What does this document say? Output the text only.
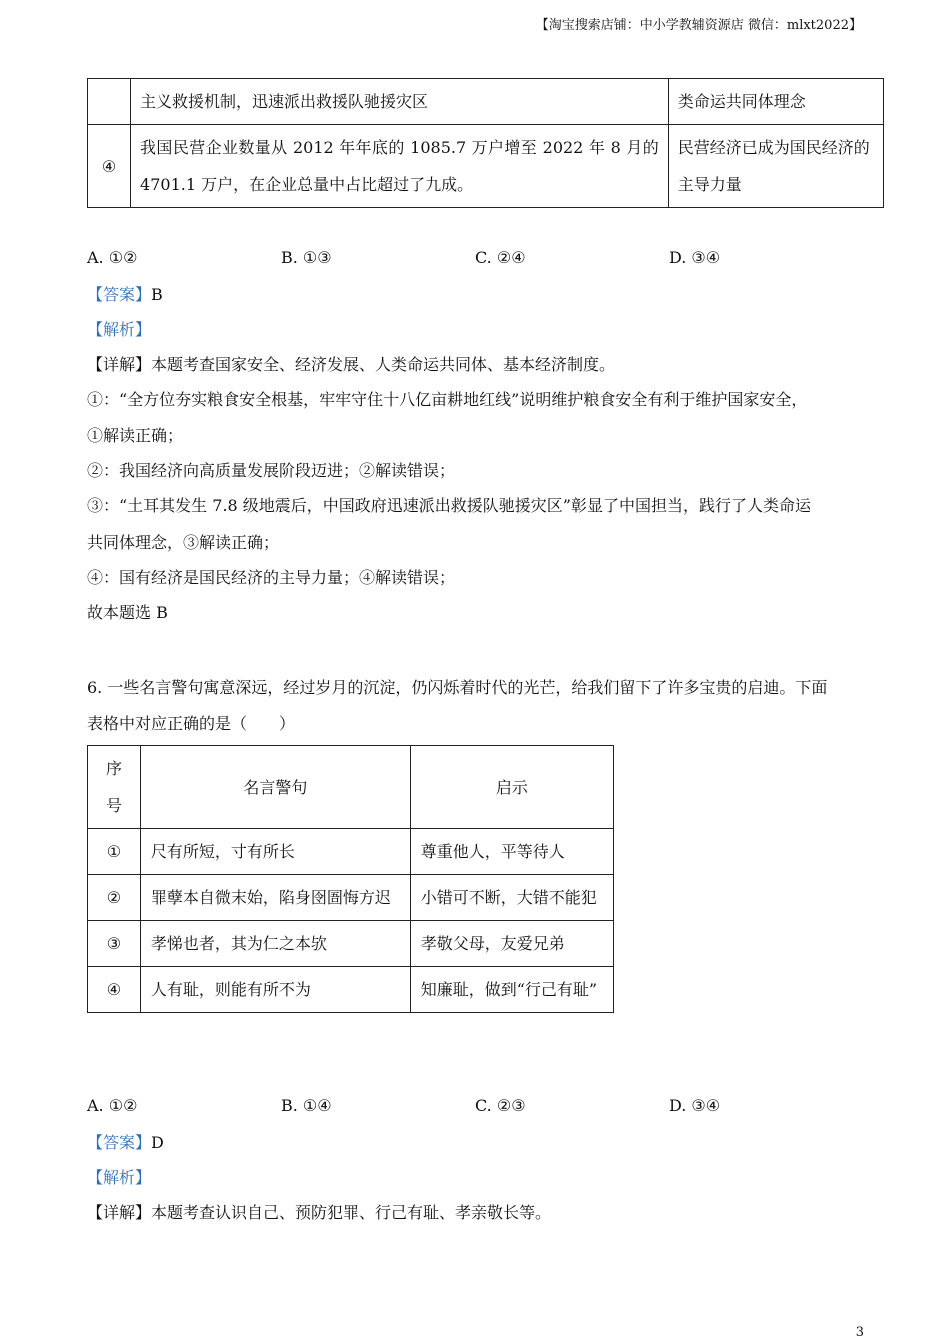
【淘宝搜索店铺：中小学教辅资源店 微信：mlxt2022】
	主义救援机制，迅速派出救援队驰援灾区	类命运共同体理念
④	我国民营企业数量从 2012 年年底的 1085.7 万户增至 2022 年 8 月的 4701.1 万户，在企业总量中占比超过了九成。	民营经济已成为国民经济的主导力量
A. ①②	B. ①③	C. ②④	D. ③④
【答案】B
【解析】
【详解】本题考查国家安全、经济发展、人类命运共同体、基本经济制度。
①：“全方位夯实粮食安全根基，牢牢守住十八亿亩耕地红线”说明维护粮食安全有利于维护国家安全，
①解读正确；
②：我国经济向高质量发展阶段迈进；②解读错误；
③：“土耳其发生 7.8 级地震后，中国政府迅速派出救援队驰援灾区”彰显了中国担当，践行了人类命运
共同体理念，③解读正确；
④：国有经济是国民经济的主导力量；④解读错误；
故本题选 B
6. 一些名言警句寓意深远，经过岁月的沉淀，仍闪烁着时代的光芒，给我们留下了许多宝贵的启迪。下面
表格中对应正确的是（　　）
序号	名言警句	启示
①	尺有所短，寸有所长	尊重他人，平等待人
②	罪孽本自微末始，陷身囹圄悔方迟	小错可不断，大错不能犯
③	孝悌也者，其为仁之本欤	孝敬父母，友爱兄弟
④	人有耻，则能有所不为	知廉耻，做到“行己有耻”
A. ①②	B. ①④	C. ②③	D. ③④
【答案】D
【解析】
【详解】本题考查认识自己、预防犯罪、行己有耻、孝亲敬长等。
3
